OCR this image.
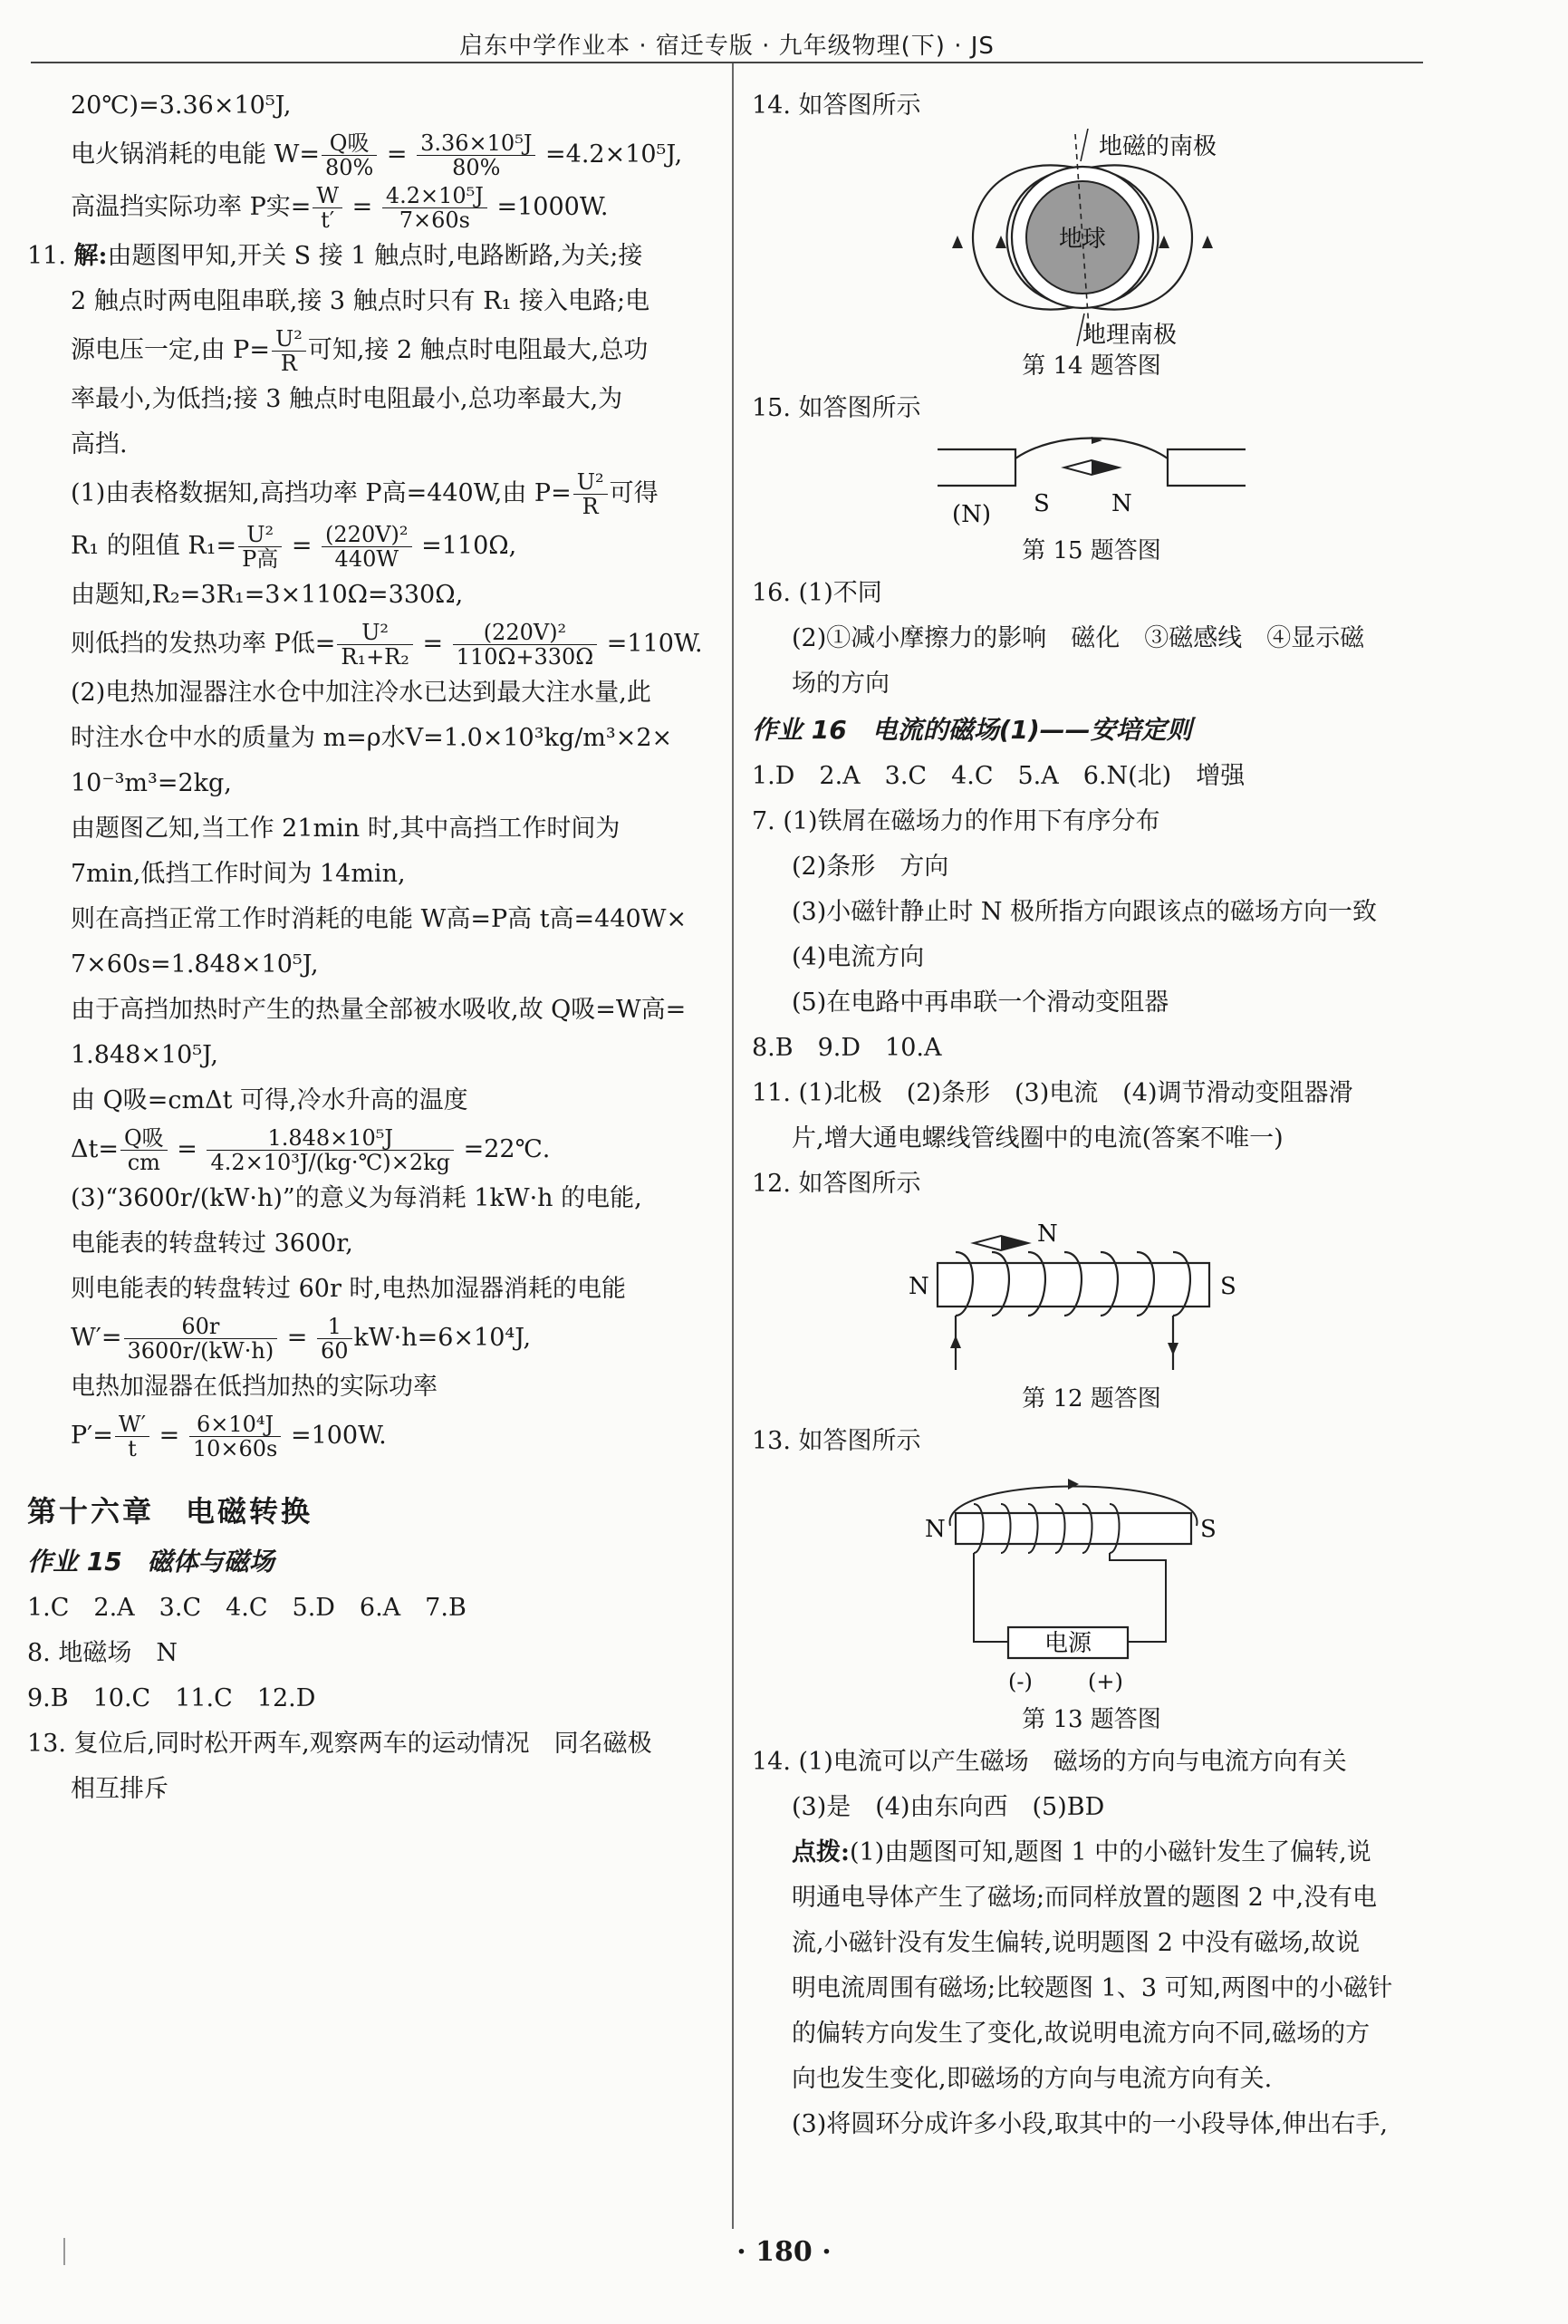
启东中学作业本 · 宿迁专版 · 九年级物理(下) · JS
20℃)=3.36×10⁵J,
电火锅消耗的电能 $W= \frac{\text{Q吸}}{80\%} = \frac{\text{3.36×10⁵J}}{80\%} =4.2\times 10^5J$,
高温挡实际功率 P实= $\frac{W}{t'} = \frac{\text{4.2×10⁵J}}{7\times 60s} =1000W$.
11. 解:由题图甲知,开关 S 接 1 触点时,电路断路,为关;接
2 触点时两电阻串联,接 3 触点时只有 R₁ 接入电路;电
源电压一定,由 $P= \frac{\text{U²}}{R}$ 可知,接 2 触点时电阻最大,总功
率最小,为低挡;接 3 触点时电阻最小,总功率最大,为
高挡.
(1)由表格数据知,高挡功率 P高=440W,由 $P= \frac{\text{U²}}{R}$ 可得
R₁ 的阻值 $R_1= \frac{\text{U²}}{\text{P高}} = \frac{\text{(220V)²}}{440W} =110\Omega$,
由题知,R₂=3R₁=3×110Ω=330Ω,
则低挡的发热功率 P低= $\frac{\text{U²}}{\text{R₁+R₂}} = \frac{\text{(220V)²}}{110\Omega+330\Omega} =110W$.
(2)电热加湿器注水仓中加注冷水已达到最大注水量,此
时注水仓中水的质量为 m=ρ水V=1.0×10³kg/m³×2×
10⁻³m³=2kg,
由题图乙知,当工作 21min 时,其中高挡工作时间为
7min,低挡工作时间为 14min,
则在高挡正常工作时消耗的电能 W高=P高 t高=440W×
7×60s=1.848×10⁵J,
由于高挡加热时产生的热量全部被水吸收,故 Q吸=W高=
1.848×10⁵J,
由 Q吸=cmΔt 可得,冷水升高的温度
$\Delta t= \frac{\text{Q吸}}{cm} = \frac{\text{1.848×10⁵J}}{\text{4.2×10³J/(kg·℃)×2kg}}$ =22℃.
(3)“3600r/(kW·h)”的意义为每消耗 1kW·h 的电能,
电能表的转盘转过 3600r,
则电能表的转盘转过 60r 时,电热加湿器消耗的电能
$W'= \frac{60r}{3600r/(kW\cdot h)} = \frac{1}{60} kW\cdot h=6\times 10^4J$,
电热加湿器在低挡加热的实际功率
$P'= \frac{W'}{t} = \frac{\text{6×10⁴J}}{10\times 60s} =100W$.
第十六章　电磁转换
作业 15　磁体与磁场
1.C　2.A　3.C　4.C　5.D　6.A　7.B
8. 地磁场　N
9.B　10.C　11.C　12.D
13. 复位后,同时松开两车,观察两车的运动情况　同名磁极
相互排斥
14. 如答图所示
地球
地磁的南极
地理南极
第 14 题答图
15. 如答图所示
(N) S	N
第 15 题答图
16. (1)不同
(2)①减小摩擦力的影响　磁化　③磁感线　④显示磁
场的方向
作业 16　电流的磁场(1)——安培定则
1.D　2.A　3.C　4.C　5.A　6.N(北)　增强
7. (1)铁屑在磁场力的作用下有序分布
(2)条形　方向
(3)小磁针静止时 N 极所指方向跟该点的磁场方向一致
(4)电流方向
(5)在电路中再串联一个滑动变阻器
8.B　9.D　10.A
11. (1)北极　(2)条形　(3)电流　(4)调节滑动变阻器滑
片,增大通电螺线管线圈中的电流(答案不唯一)
12. 如答图所示
N
N	S
第 12 题答图
13. 如答图所示
电源
(-)	(+)
N	S
第 13 题答图
14. (1)电流可以产生磁场　磁场的方向与电流方向有关
(3)是　(4)由东向西　(5)BD
点拨:(1)由题图可知,题图 1 中的小磁针发生了偏转,说
明通电导体产生了磁场;而同样放置的题图 2 中,没有电
流,小磁针没有发生偏转,说明题图 2 中没有磁场,故说
明电流周围有磁场;比较题图 1、3 可知,两图中的小磁针
的偏转方向发生了变化,故说明电流方向不同,磁场的方
向也发生变化,即磁场的方向与电流方向有关.
(3)将圆环分成许多小段,取其中的一小段导体,伸出右手,
· 180 ·
